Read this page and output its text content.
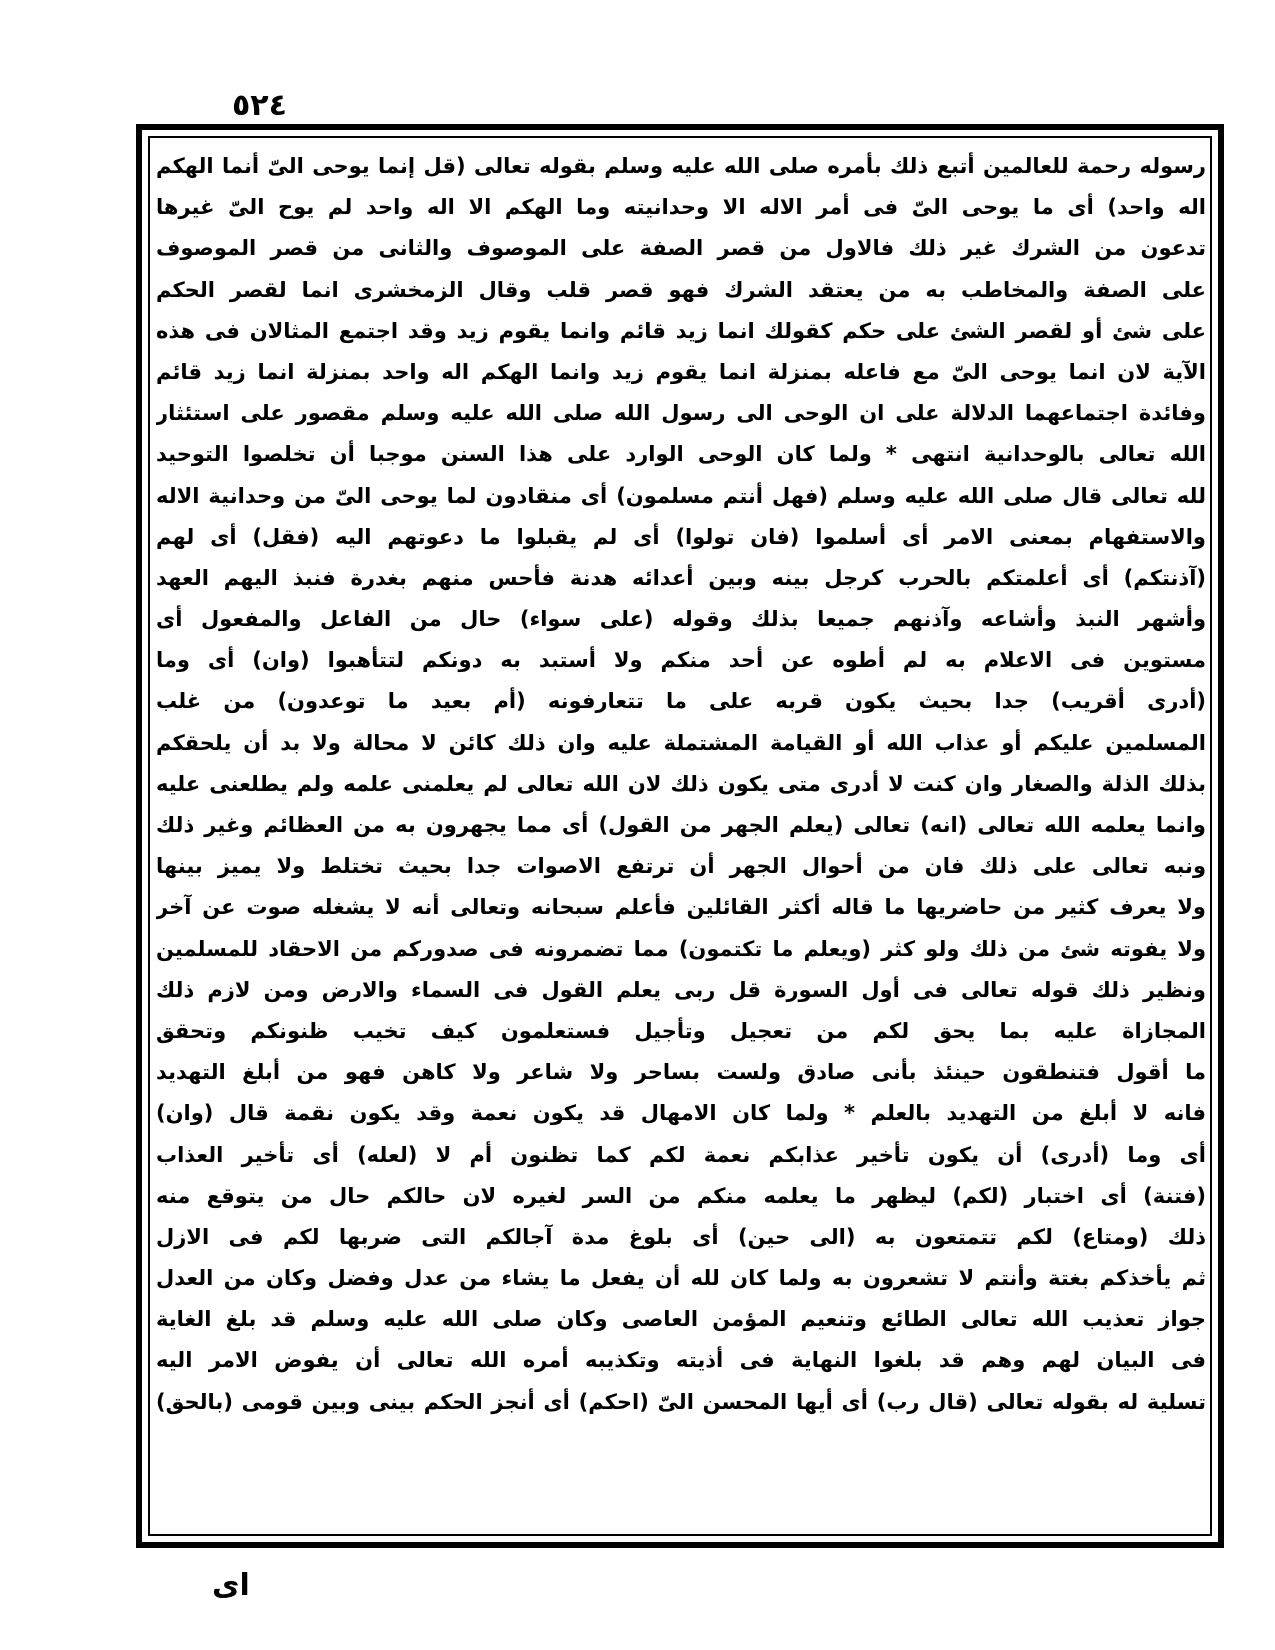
٥٢٤
رسوله رحمة للعالمين أتبع ذلك بأمره صلى الله عليه وسلم بقوله تعالى (قل إنما يوحى الىّ أنما الهكم
اله واحد) أى ما يوحى الىّ فى أمر الاله الا وحدانيته وما الهكم الا اله واحد لم يوح الىّ غيرها
تدعون من الشرك غير ذلك فالاول من قصر الصفة على الموصوف والثانى من قصر الموصوف
على الصفة والمخاطب به من يعتقد الشرك فهو قصر قلب وقال الزمخشرى انما لقصر الحكم
على شئ أو لقصر الشئ على حكم كقولك انما زيد قائم وانما يقوم زيد وقد اجتمع المثالان فى هذه
الآية لان انما يوحى الىّ مع فاعله بمنزلة انما يقوم زيد وانما الهكم اله واحد بمنزلة انما زيد قائم
وفائدة اجتماعهما الدلالة على ان الوحى الى رسول الله صلى الله عليه وسلم مقصور على استئثار
الله تعالى بالوحدانية انتهى * ولما كان الوحى الوارد على هذا السنن موجبا أن تخلصوا التوحيد
لله تعالى قال صلى الله عليه وسلم (فهل أنتم مسلمون) أى منقادون لما يوحى الىّ من وحدانية الاله
والاستفهام بمعنى الامر أى أسلموا (فان تولوا) أى لم يقبلوا ما دعوتهم اليه (فقل) أى لهم
(آذنتكم) أى أعلمتكم بالحرب كرجل بينه وبين أعدائه هدنة فأحس منهم بغدرة فنبذ اليهم العهد
وأشهر النبذ وأشاعه وآذنهم جميعا بذلك وقوله (على سواء) حال من الفاعل والمفعول أى
مستوين فى الاعلام به لم أطوه عن أحد منكم ولا أستبد به دونكم لتتأهبوا (وان) أى وما
(أدرى أقريب) جدا بحيث يكون قربه على ما تتعارفونه (أم بعيد ما توعدون) من غلب
المسلمين عليكم أو عذاب الله أو القيامة المشتملة عليه وان ذلك كائن لا محالة ولا بد أن يلحقكم
بذلك الذلة والصغار وان كنت لا أدرى متى يكون ذلك لان الله تعالى لم يعلمنى علمه ولم يطلعنى عليه
وانما يعلمه الله تعالى (انه) تعالى (يعلم الجهر من القول) أى مما يجهرون به من العظائم وغير ذلك
ونبه تعالى على ذلك فان من أحوال الجهر أن ترتفع الاصوات جدا بحيث تختلط ولا يميز بينها
ولا يعرف كثير من حاضريها ما قاله أكثر القائلين فأعلم سبحانه وتعالى أنه لا يشغله صوت عن آخر
ولا يفوته شئ من ذلك ولو كثر (ويعلم ما تكتمون) مما تضمرونه فى صدوركم من الاحقاد للمسلمين
ونظير ذلك قوله تعالى فى أول السورة قل ربى يعلم القول فى السماء والارض ومن لازم ذلك
المجازاة عليه بما يحق لكم من تعجيل وتأجيل فستعلمون كيف تخيب ظنونكم وتحقق
ما أقول فتنطقون حينئذ بأنى صادق ولست بساحر ولا شاعر ولا كاهن فهو من أبلغ التهديد
فانه لا أبلغ من التهديد بالعلم * ولما كان الامهال قد يكون نعمة وقد يكون نقمة قال (وان)
أى وما (أدرى) أن يكون تأخير عذابكم نعمة لكم كما تظنون أم لا (لعله) أى تأخير العذاب
(فتنة) أى اختبار (لكم) ليظهر ما يعلمه منكم من السر لغيره لان حالكم حال من يتوقع منه
ذلك (ومتاع) لكم تتمتعون به (الى حين) أى بلوغ مدة آجالكم التى ضربها لكم فى الازل
ثم يأخذكم بغتة وأنتم لا تشعرون به ولما كان لله أن يفعل ما يشاء من عدل وفضل وكان من العدل
جواز تعذيب الله تعالى الطائع وتنعيم المؤمن العاصى وكان صلى الله عليه وسلم قد بلغ الغاية
فى البيان لهم وهم قد بلغوا النهاية فى أذيته وتكذيبه أمره الله تعالى أن يفوض الامر اليه
تسلية له بقوله تعالى (قال رب) أى أيها المحسن الىّ (احكم) أى أنجز الحكم بينى وبين قومى (بالحق)
اى
